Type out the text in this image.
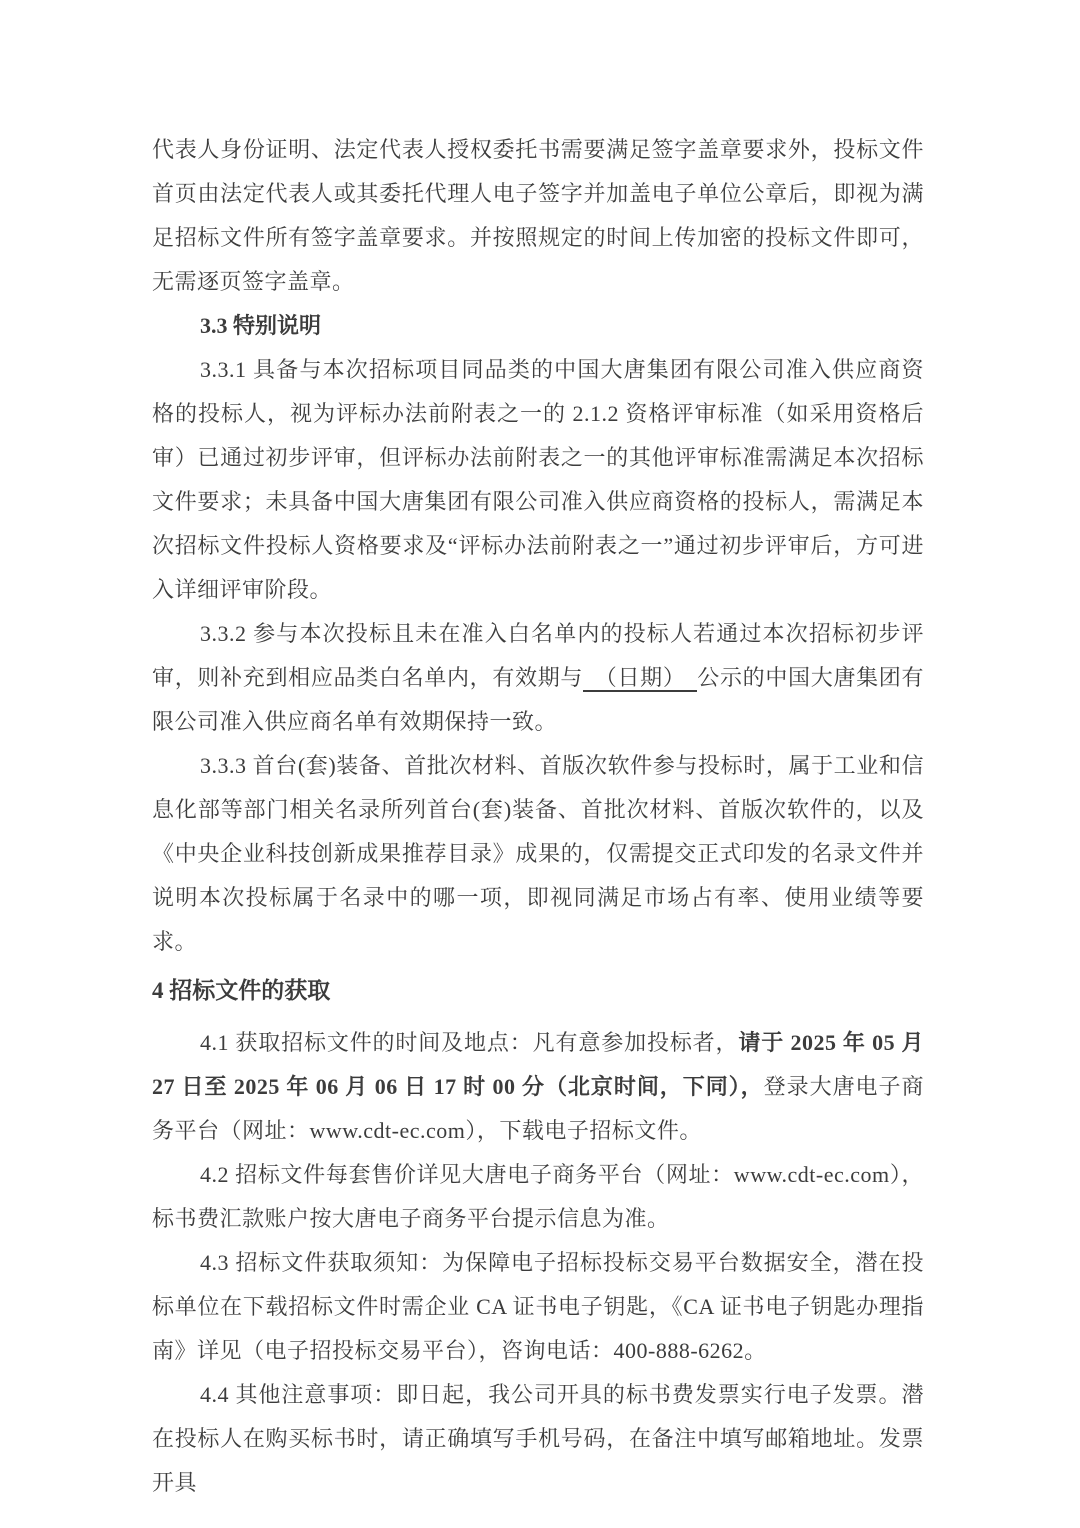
代表人身份证明、法定代表人授权委托书需要满足签字盖章要求外，投标文件首页由法定代表人或其委托代理人电子签字并加盖电子单位公章后，即视为满足招标文件所有签字盖章要求。并按照规定的时间上传加密的投标文件即可，无需逐页签字盖章。

3.3 特别说明

3.3.1 具备与本次招标项目同品类的中国大唐集团有限公司准入供应商资格的投标人，视为评标办法前附表之一的 2.1.2 资格评审标准（如采用资格后审）已通过初步评审，但评标办法前附表之一的其他评审标准需满足本次招标文件要求；未具备中国大唐集团有限公司准入供应商资格的投标人，需满足本次招标文件投标人资格要求及“评标办法前附表之一”通过初步评审后，方可进入详细评审阶段。

3.3.2 参与本次投标且未在准入白名单内的投标人若通过本次招标初步评审，则补充到相应品类白名单内，有效期与　（日期）　公示的中国大唐集团有限公司准入供应商名单有效期保持一致。

3.3.3 首台(套)装备、首批次材料、首版次软件参与投标时，属于工业和信息化部等部门相关名录所列首台(套)装备、首批次材料、首版次软件的，以及《中央企业科技创新成果推荐目录》成果的，仅需提交正式印发的名录文件并说明本次投标属于名录中的哪一项，即视同满足市场占有率、使用业绩等要求。

4 招标文件的获取

4.1 获取招标文件的时间及地点：凡有意参加投标者，请于 2025 年 05 月 27 日至 2025 年 06 月 06 日 17 时 00 分（北京时间，下同），登录大唐电子商务平台（网址：www.cdt-ec.com），下载电子招标文件。

4.2 招标文件每套售价详见大唐电子商务平台（网址：www.cdt-ec.com），标书费汇款账户按大唐电子商务平台提示信息为准。

4.3 招标文件获取须知：为保障电子招标投标交易平台数据安全，潜在投标单位在下载招标文件时需企业 CA 证书电子钥匙，《CA 证书电子钥匙办理指南》详见（电子招投标交易平台），咨询电话：400-888-6262。

4.4 其他注意事项：即日起，我公司开具的标书费发票实行电子发票。潜在投标人在购买标书时，请正确填写手机号码，在备注中填写邮箱地址。发票开具
